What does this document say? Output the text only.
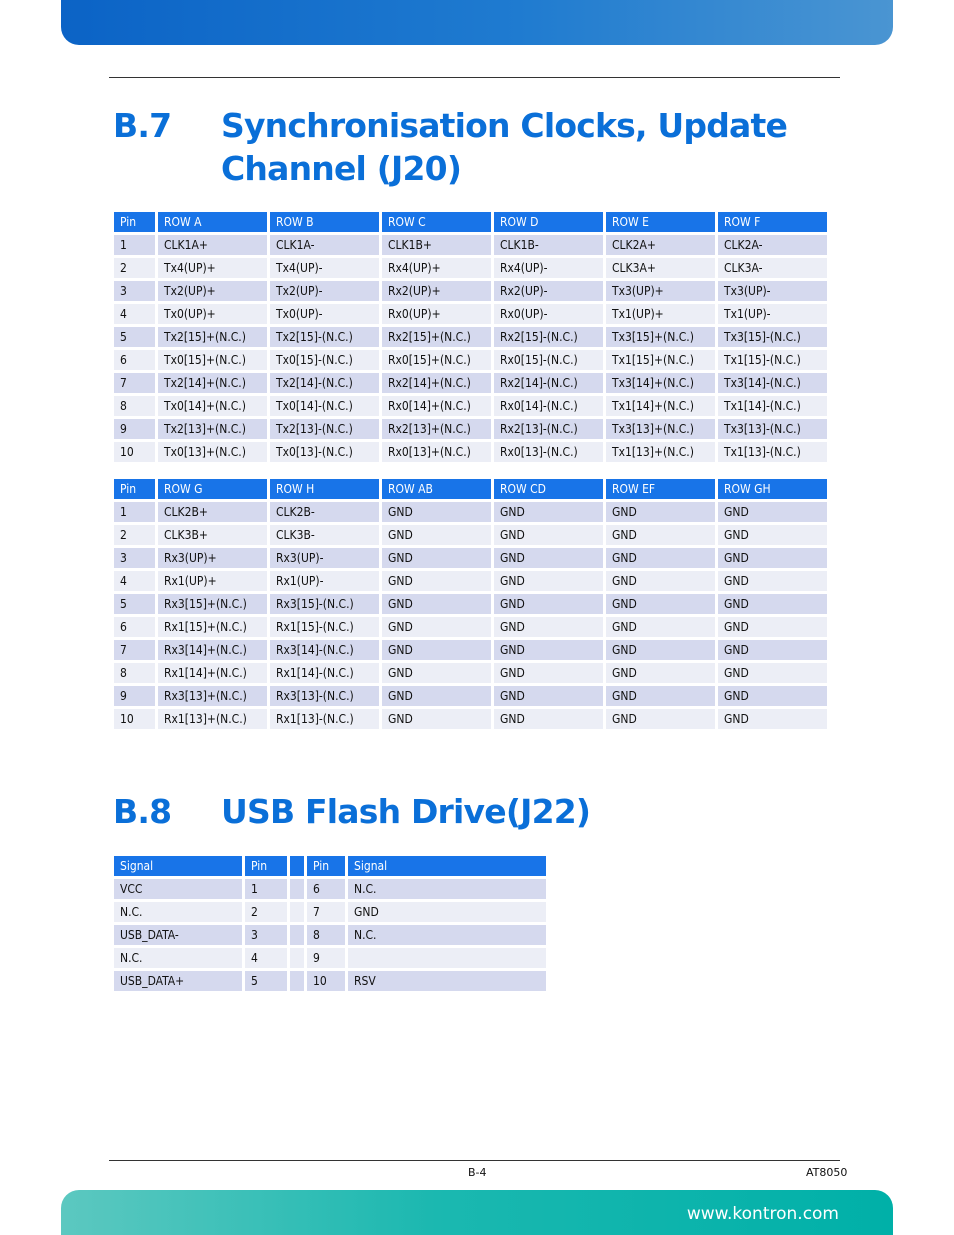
B.7 Synchronisation Clocks, Update Channel (J20)
Pin	ROW A	ROW B	ROW C	ROW D	ROW E	ROW F
1	CLK1A+	CLK1A-	CLK1B+	CLK1B-	CLK2A+	CLK2A-
2	Tx4(UP)+	Tx4(UP)-	Rx4(UP)+	Rx4(UP)-	CLK3A+	CLK3A-
3	Tx2(UP)+	Tx2(UP)-	Rx2(UP)+	Rx2(UP)-	Tx3(UP)+	Tx3(UP)-
4	Tx0(UP)+	Tx0(UP)-	Rx0(UP)+	Rx0(UP)-	Tx1(UP)+	Tx1(UP)-
5	Tx2[15]+(N.C.)	Tx2[15]-(N.C.)	Rx2[15]+(N.C.)	Rx2[15]-(N.C.)	Tx3[15]+(N.C.)	Tx3[15]-(N.C.)
6	Tx0[15]+(N.C.)	Tx0[15]-(N.C.)	Rx0[15]+(N.C.)	Rx0[15]-(N.C.)	Tx1[15]+(N.C.)	Tx1[15]-(N.C.)
7	Tx2[14]+(N.C.)	Tx2[14]-(N.C.)	Rx2[14]+(N.C.)	Rx2[14]-(N.C.)	Tx3[14]+(N.C.)	Tx3[14]-(N.C.)
8	Tx0[14]+(N.C.)	Tx0[14]-(N.C.)	Rx0[14]+(N.C.)	Rx0[14]-(N.C.)	Tx1[14]+(N.C.)	Tx1[14]-(N.C.)
9	Tx2[13]+(N.C.)	Tx2[13]-(N.C.)	Rx2[13]+(N.C.)	Rx2[13]-(N.C.)	Tx3[13]+(N.C.)	Tx3[13]-(N.C.)
10	Tx0[13]+(N.C.)	Tx0[13]-(N.C.)	Rx0[13]+(N.C.)	Rx0[13]-(N.C.)	Tx1[13]+(N.C.)	Tx1[13]-(N.C.)
Pin	ROW G	ROW H	ROW AB	ROW CD	ROW EF	ROW GH
1	CLK2B+	CLK2B-	GND	GND	GND	GND
2	CLK3B+	CLK3B-	GND	GND	GND	GND
3	Rx3(UP)+	Rx3(UP)-	GND	GND	GND	GND
4	Rx1(UP)+	Rx1(UP)-	GND	GND	GND	GND
5	Rx3[15]+(N.C.)	Rx3[15]-(N.C.)	GND	GND	GND	GND
6	Rx1[15]+(N.C.)	Rx1[15]-(N.C.)	GND	GND	GND	GND
7	Rx3[14]+(N.C.)	Rx3[14]-(N.C.)	GND	GND	GND	GND
8	Rx1[14]+(N.C.)	Rx1[14]-(N.C.)	GND	GND	GND	GND
9	Rx3[13]+(N.C.)	Rx3[13]-(N.C.)	GND	GND	GND	GND
10	Rx1[13]+(N.C.)	Rx1[13]-(N.C.)	GND	GND	GND	GND
B.8 USB Flash Drive(J22)
Signal	Pin		Pin	Signal
VCC	1		6	N.C.
N.C.	2		7	GND
USB_DATA-	3		8	N.C.
N.C.	4		9	
USB_DATA+	5		10	RSV
B-4	AT8050
www.kontron.com
